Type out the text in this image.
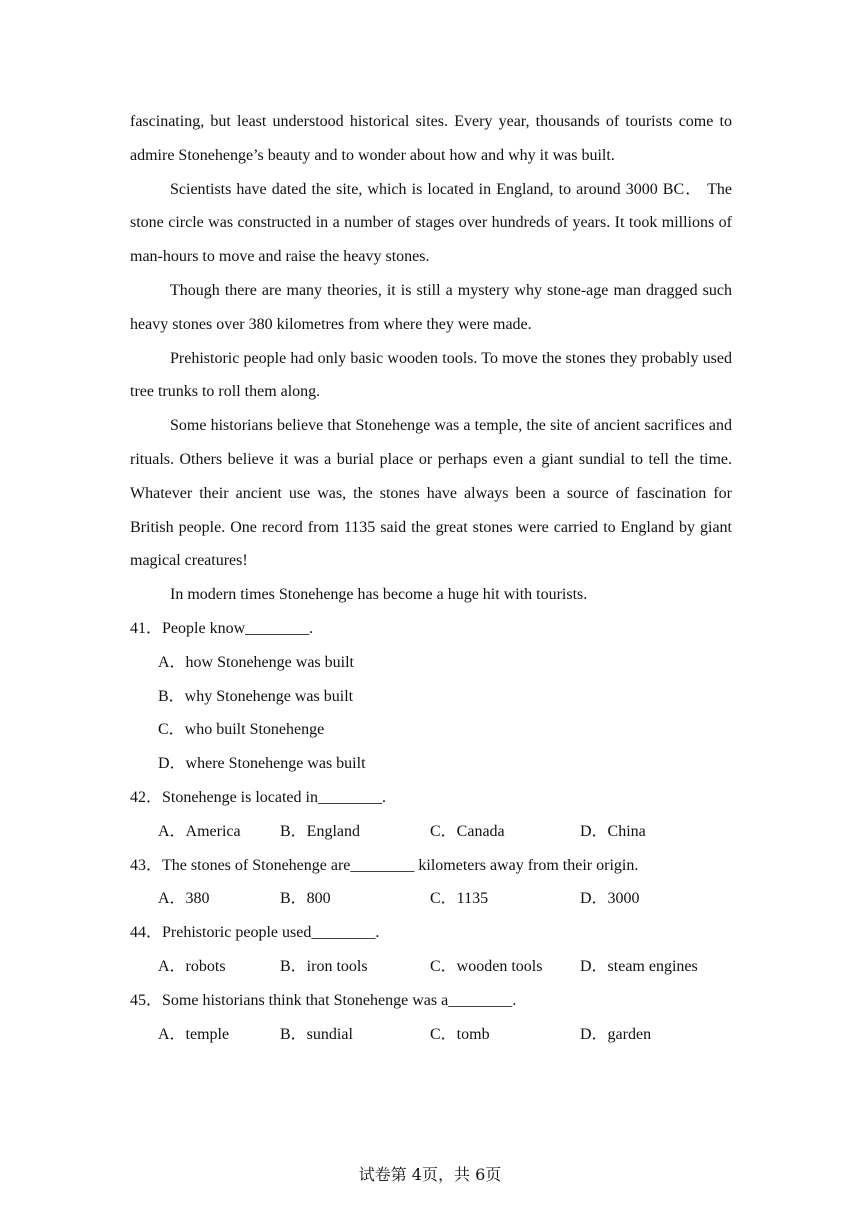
fascinating, but least understood historical sites. Every year, thousands of tourists come to admire Stonehenge’s beauty and to wonder about how and why it was built.

Scientists have dated the site, which is located in England, to around 3000 BC． The stone circle was constructed in a number of stages over hundreds of years. It took millions of man-hours to move and raise the heavy stones.

Though there are many theories, it is still a mystery why stone-age man dragged such heavy stones over 380 kilometres from where they were made.

Prehistoric people had only basic wooden tools. To move the stones they probably used tree trunks to roll them along.

Some historians believe that Stonehenge was a temple, the site of ancient sacrifices and rituals. Others believe it was a burial place or perhaps even a giant sundial to tell the time. Whatever their ancient use was, the stones have always been a source of fascination for British people. One record from 1135 said the great stones were carried to England by giant magical creatures!

In modern times Stonehenge has become a huge hit with tourists.

41．People know________.
A．how Stonehenge was built
B．why Stonehenge was built
C．who built Stonehenge
D．where Stonehenge was built
42．Stonehenge is located in________.
A．America B．England	C．Canada	D．China
43．The stones of Stonehenge are________ kilometers away from their origin.
A．380	B．800	C．1135	D．3000
44．Prehistoric people used________.
A．robots	B．iron tools	C．wooden tools D．steam engines
45．Some historians think that Stonehenge was a________.
A．temple	B．sundial	C．tomb	D．garden
试卷第 4页，共 6页
